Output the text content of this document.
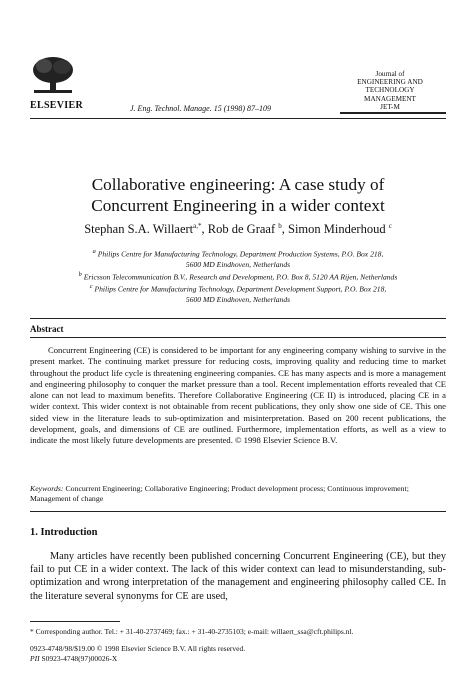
ELSEVIER	J. Eng. Technol. Manage. 15 (1998) 87–109
Journal of
ENGINEERING AND
TECHNOLOGY
MANAGEMENT
JET-M
Collaborative engineering: A case study of
Concurrent Engineering in a wider context
Stephan S.A. Willaert$^{a,*}$, Rob de Graaf $^b$, Simon Minderhoud $^c$
$^a$ Philips Centre for Manufacturing Technology, Department Production Systems, P.O. Box 218,
5600 MD Eindhoven, Netherlands
$^b$ Ericsson Telecommunication B.V., Research and Development, P.O. Box 8, 5120 AA Rijen, Netherlands
$^c$ Philips Centre for Manufacturing Technology, Department Development Support, P.O. Box 218,
5600 MD Eindhoven, Netherlands
Abstract

Concurrent Engineering (CE) is considered to be important for any engineering company wishing to survive in the present market. The continuing market pressure for reducing costs, improving quality and reducing time to market throughout the product life cycle is threatening engineering companies. CE has many aspects and is more a management and engineering philosophy to conquer the market pressure than a tool. Recent implementation efforts revealed that CE alone can not lead to maximum benefits. Therefore Collaborative Engineering (CE II) is introduced, placing CE in a wider context. This wider context is not obtainable from recent publications, they only show one side of CE. This one sided view in the literature leads to sub-optimization and misinterpretation. Based on 200 recent publications, the development, goals, and dimensions of CE are outlined. Furthermore, implementation efforts, as well as a view to indicate the most likely future developments are presented. © 1998 Elsevier Science B.V.

Keywords: Concurrent Engineering; Collaborative Engineering; Product development process; Continuous improvement; Management of change
1. Introduction

Many articles have recently been published concerning Concurrent Engineering (CE), but they fail to put CE in a wider context. The lack of this wider context can lead to misunderstanding, sub-optimization and wrong interpretation of the management and engineering philosophy called CE. In the literature several synonyms for CE are used,

* Corresponding author. Tel.: + 31-40-2737469; fax.: + 31-40-2735103; e-mail: willaert_ssa@cft.philips.nl.
0923-4748/98/$19.00 © 1998 Elsevier Science B.V. All rights reserved.
PII S0923-4748(97)00026-X
